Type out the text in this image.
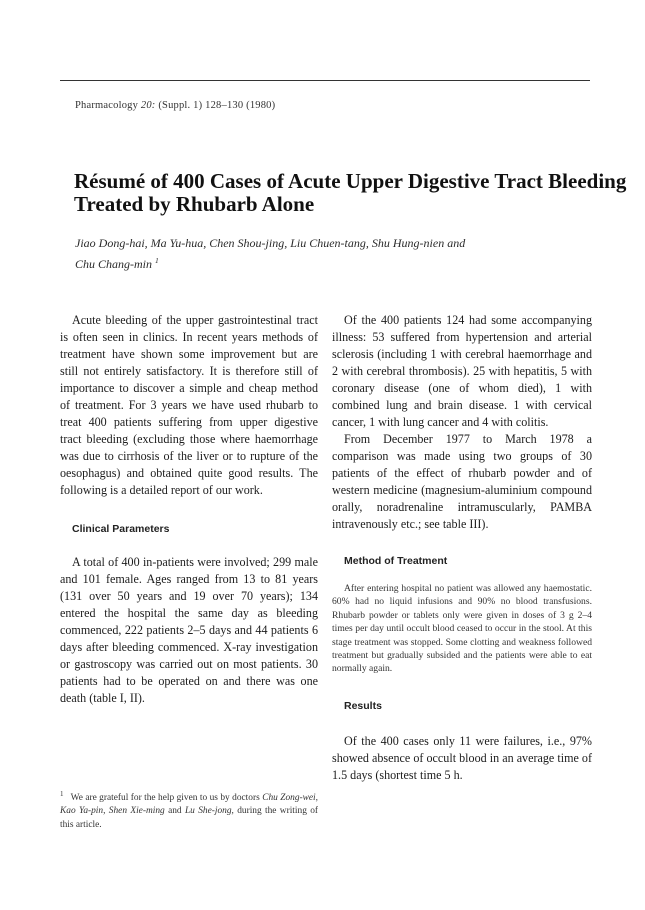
Pharmacology 20: (Suppl. 1) 128–130 (1980)
Résumé of 400 Cases of Acute Upper Digestive Tract Bleeding
Treated by Rhubarb Alone
Jiao Dong-hai, Ma Yu-hua, Chen Shou-jing, Liu Chuen-tang, Shu Hung-nien and
Chu Chang-min $^1$

Acute bleeding of the upper gastrointestinal tract is often seen in clinics. In recent years methods of treatment have shown some improvement but are still not entirely satisfactory. It is therefore still of importance to discover a simple and cheap method of treatment. For 3 years we have used rhubarb to treat 400 patients suffering from upper digestive tract bleeding (excluding those where haemorrhage was due to cirrhosis of the liver or to rupture of the oesophagus) and obtained quite good results. The following is a detailed report of our work.

Clinical Parameters

A total of 400 in-patients were involved; 299 male and 101 female. Ages ranged from 13 to 81 years (131 over 50 years and 19 over 70 years); 134 entered the hospital the same day as bleeding commenced, 222 patients 2–5 days and 44 patients 6 days after bleeding commenced. X-ray investigation or gastroscopy was carried out on most patients. 30 patients had to be operated on and there was one death (table I, II).

$^1$ We are grateful for the help given to us by doctors Chu Zong-wei, Kao Ya-pin, Shen Xie-ming and Lu She-jong, during the writing of this article.

Of the 400 patients 124 had some accompanying illness: 53 suffered from hypertension and arterial sclerosis (including 1 with cerebral haemorrhage and 2 with cerebral thrombosis). 25 with hepatitis, 5 with coronary disease (one of whom died), 1 with combined lung and brain disease. 1 with cervical cancer, 1 with lung cancer and 4 with colitis.

From December 1977 to March 1978 a comparison was made using two groups of 30 patients of the effect of rhubarb powder and of western medicine (magnesium-aluminium compound orally, noradrenaline intramuscularly, PAMBA intravenously etc.; see table III).

Method of Treatment

After entering hospital no patient was allowed any haemostatic. 60% had no liquid infusions and 90% no blood transfusions. Rhubarb powder or tablets only were given in doses of 3 g 2–4 times per day until occult blood ceased to occur in the stool. At this stage treatment was stopped. Some clotting and weakness followed treatment but gradually subsided and the patients were able to eat normally again.

Results

Of the 400 cases only 11 were failures, i.e., 97% showed absence of occult blood in an average time of 1.5 days (shortest time 5 h.
